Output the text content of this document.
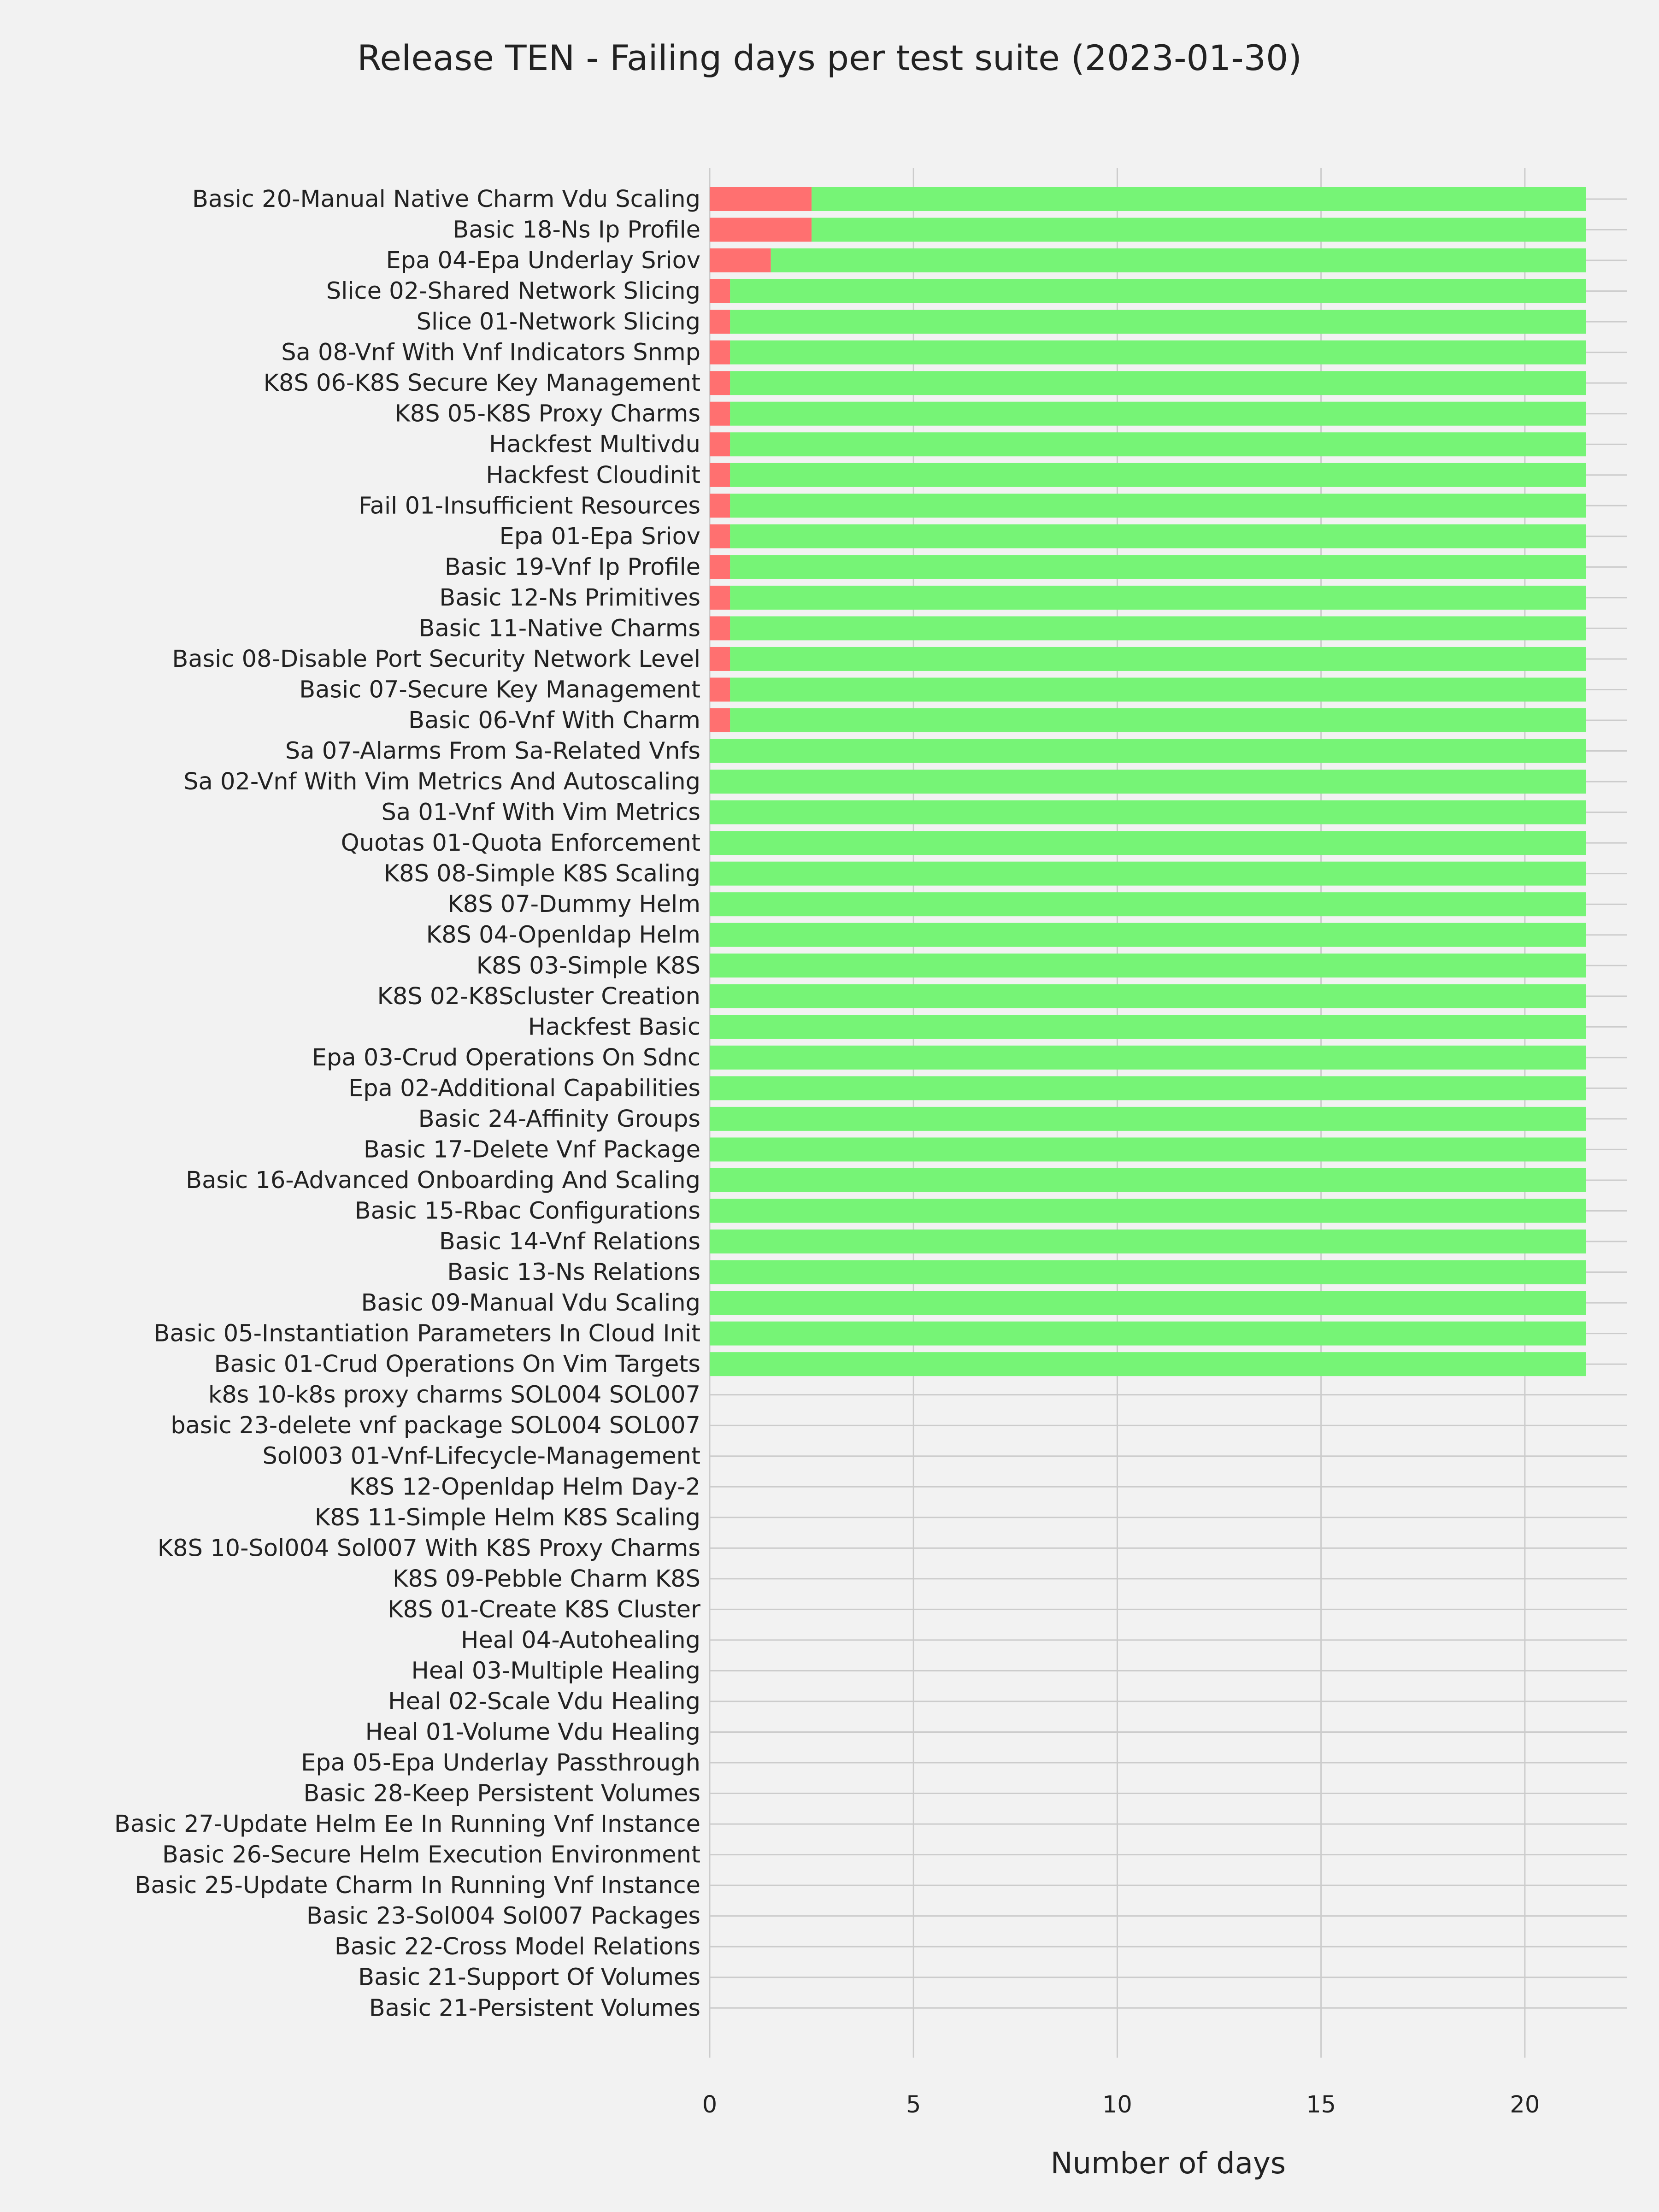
Release TEN - Failing days per test suite (2023-01-30)
Basic 20-Manual Native Charm Vdu Scaling
Basic 18-Ns Ip Profile
Epa 04-Epa Underlay Sriov
Slice 02-Shared Network Slicing
Slice 01-Network Slicing
Sa 08-Vnf With Vnf Indicators Snmp
K8S 06-K8S Secure Key Management
K8S 05-K8S Proxy Charms
Hackfest Multivdu
Hackfest Cloudinit
Fail 01-Insufficient Resources
Epa 01-Epa Sriov
Basic 19-Vnf Ip Profile
Basic 12-Ns Primitives
Basic 11-Native Charms
Basic 08-Disable Port Security Network Level
Basic 07-Secure Key Management
Basic 06-Vnf With Charm
Sa 07-Alarms From Sa-Related Vnfs
Sa 02-Vnf With Vim Metrics And Autoscaling
Sa 01-Vnf With Vim Metrics
Quotas 01-Quota Enforcement
K8S 08-Simple K8S Scaling
K8S 07-Dummy Helm
K8S 04-Openldap Helm
K8S 03-Simple K8S
K8S 02-K8Scluster Creation
Hackfest Basic
Epa 03-Crud Operations On Sdnc
Epa 02-Additional Capabilities
Basic 24-Affinity Groups
Basic 17-Delete Vnf Package
Basic 16-Advanced Onboarding And Scaling
Basic 15-Rbac Configurations
Basic 14-Vnf Relations
Basic 13-Ns Relations
Basic 09-Manual Vdu Scaling
Basic 05-Instantiation Parameters In Cloud Init
Basic 01-Crud Operations On Vim Targets
k8s 10-k8s proxy charms SOL004 SOL007
basic 23-delete vnf package SOL004 SOL007
Sol003 01-Vnf-Lifecycle-Management
K8S 12-Openldap Helm Day-2
K8S 11-Simple Helm K8S Scaling
K8S 10-Sol004 Sol007 With K8S Proxy Charms
K8S 09-Pebble Charm K8S
K8S 01-Create K8S Cluster
Heal 04-Autohealing
Heal 03-Multiple Healing
Heal 02-Scale Vdu Healing
Heal 01-Volume Vdu Healing
Epa 05-Epa Underlay Passthrough
Basic 28-Keep Persistent Volumes
Basic 27-Update Helm Ee In Running Vnf Instance
Basic 26-Secure Helm Execution Environment
Basic 25-Update Charm In Running Vnf Instance
Basic 23-Sol004 Sol007 Packages
Basic 22-Cross Model Relations
Basic 21-Support Of Volumes
Basic 21-Persistent Volumes
0	5	10	15	20
Number of days
